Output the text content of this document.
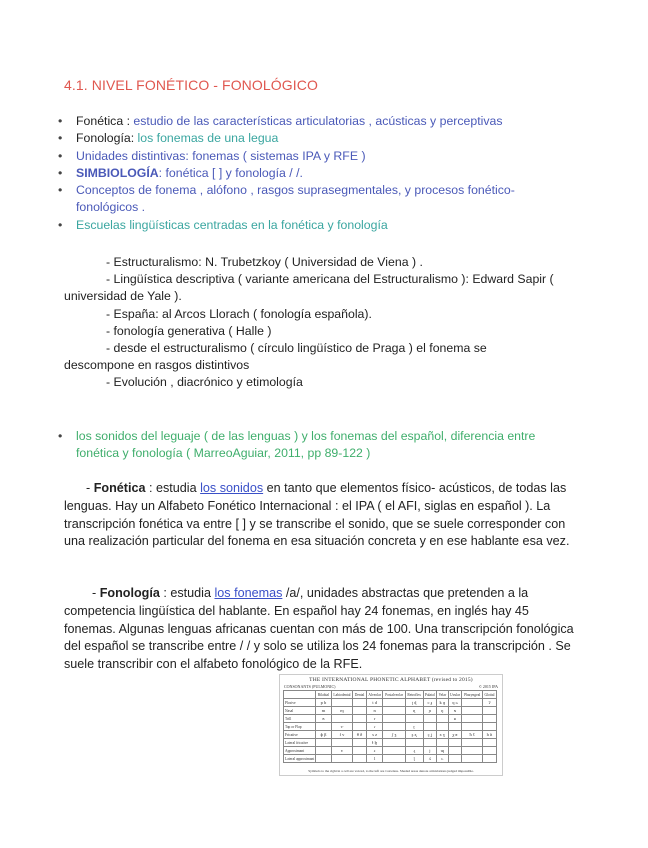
4.1. NIVEL FONÉTICO - FONOLÓGICO
• Fonética : estudio de las características articulatorias , acústicas y perceptivas
• Fonología: los fonemas de una legua
• Unidades distintivas: fonemas ( sistemas IPA y RFE )
• SIMBIOLOGÍA: fonética [ ] y fonología / /.
• Conceptos de fonema , alófono , rasgos suprasegmentales, y procesos fonético-
fonológicos .
• Escuelas lingüísticas centradas en la fonética y fonología
- Estructuralismo: N. Trubetzkoy ( Universidad de Viena ) .
- Lingüística descriptiva ( variante americana del Estructuralismo ): Edward Sapir (
universidad de Yale ).
- España: al Arcos Llorach ( fonología española).
- fonología generativa ( Halle )
- desde el estructuralismo ( círculo lingüístico de Praga ) el fonema se
descompone en rasgos distintivos
- Evolución , diacrónico y etimología
• los sonidos del leguaje ( de las lenguas ) y los fonemas del español, diferencia entre
fonética y fonología ( MarreoAguiar, 2011, pp 89-122 )
- Fonética : estudia los sonidos en tanto que elementos físico- acústicos, de todas las lenguas. Hay un Alfabeto Fonético Internacional : el IPA ( el AFI, siglas en español ). La transcripción fonética va entre [ ] y se transcribe el sonido, que se suele corresponder con una realización particular del fonema en esa situación concreta y en ese hablante esa vez.
- Fonología : estudia los fonemas /a/, unidades abstractas que pretenden a la competencia lingüística del hablante. En español hay 24 fonemas, en inglés hay 45 fonemas. Algunas lenguas africanas cuentan con más de 100. Una transcripción fonológica del español se transcribe entre / / y solo se utiliza los 24 fonemas para la transcripción . Se suele transcribir con el alfabeto fonológico de la RFE.
THE INTERNATIONAL PHONETIC ALPHABET (revised to 2015)
CONSONANTS (PULMONIC)	© 2015 IPA
	Bilabial	Labiodental	Dental	Alveolar	Postalveolar	Retroflex	Palatal	Velar	Uvular	Pharyngeal	Glottal
Plosive	p b			t d		ʈ ɖ	c ɟ	k ɡ	q ɢ		ʔ
Nasal	m	ɱ		n		ɳ	ɲ	ŋ	ɴ		
Trill	ʙ			r					ʀ		
Tap or Flap		ⱱ		ɾ		ɽ					
Fricative	ɸ β	f v	θ ð	s z	ʃ ʒ	ʂ ʐ	ç ʝ	x ɣ	χ ʁ	ħ ʕ	h ɦ
Lateral fricative				ɬ ɮ							
Approximant		ʋ		ɹ		ɻ	j	ɰ			
Lateral approximant				l		ɭ	ʎ	ʟ			
Symbols to the right in a cell are voiced, to the left are voiceless. Shaded areas denote articulations judged impossible.
